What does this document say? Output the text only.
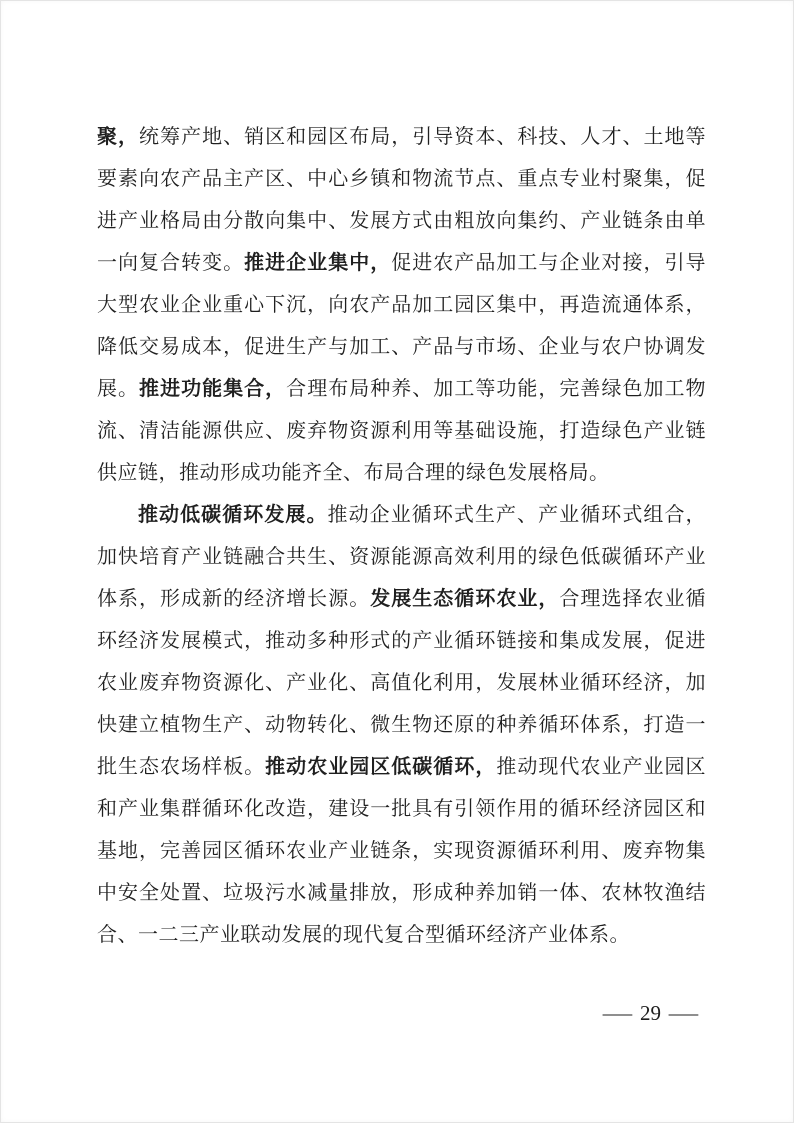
聚，统筹产地、销区和园区布局，引导资本、科技、人才、土地等要素向农产品主产区、中心乡镇和物流节点、重点专业村聚集，促进产业格局由分散向集中、发展方式由粗放向集约、产业链条由单一向复合转变。推进企业集中，促进农产品加工与企业对接，引导大型农业企业重心下沉，向农产品加工园区集中，再造流通体系，降低交易成本，促进生产与加工、产品与市场、企业与农户协调发展。推进功能集合，合理布局种养、加工等功能，完善绿色加工物流、清洁能源供应、废弃物资源利用等基础设施，打造绿色产业链供应链，推动形成功能齐全、布局合理的绿色发展格局。

推动低碳循环发展。推动企业循环式生产、产业循环式组合，加快培育产业链融合共生、资源能源高效利用的绿色低碳循环产业体系，形成新的经济增长源。发展生态循环农业，合理选择农业循环经济发展模式，推动多种形式的产业循环链接和集成发展，促进农业废弃物资源化、产业化、高值化利用，发展林业循环经济，加快建立植物生产、动物转化、微生物还原的种养循环体系，打造一批生态农场样板。推动农业园区低碳循环，推动现代农业产业园区和产业集群循环化改造，建设一批具有引领作用的循环经济园区和基地，完善园区循环农业产业链条，实现资源循环利用、废弃物集中安全处置、垃圾污水减量排放，形成种养加销一体、农林牧渔结合、一二三产业联动发展的现代复合型循环经济产业体系。

— 29 —
